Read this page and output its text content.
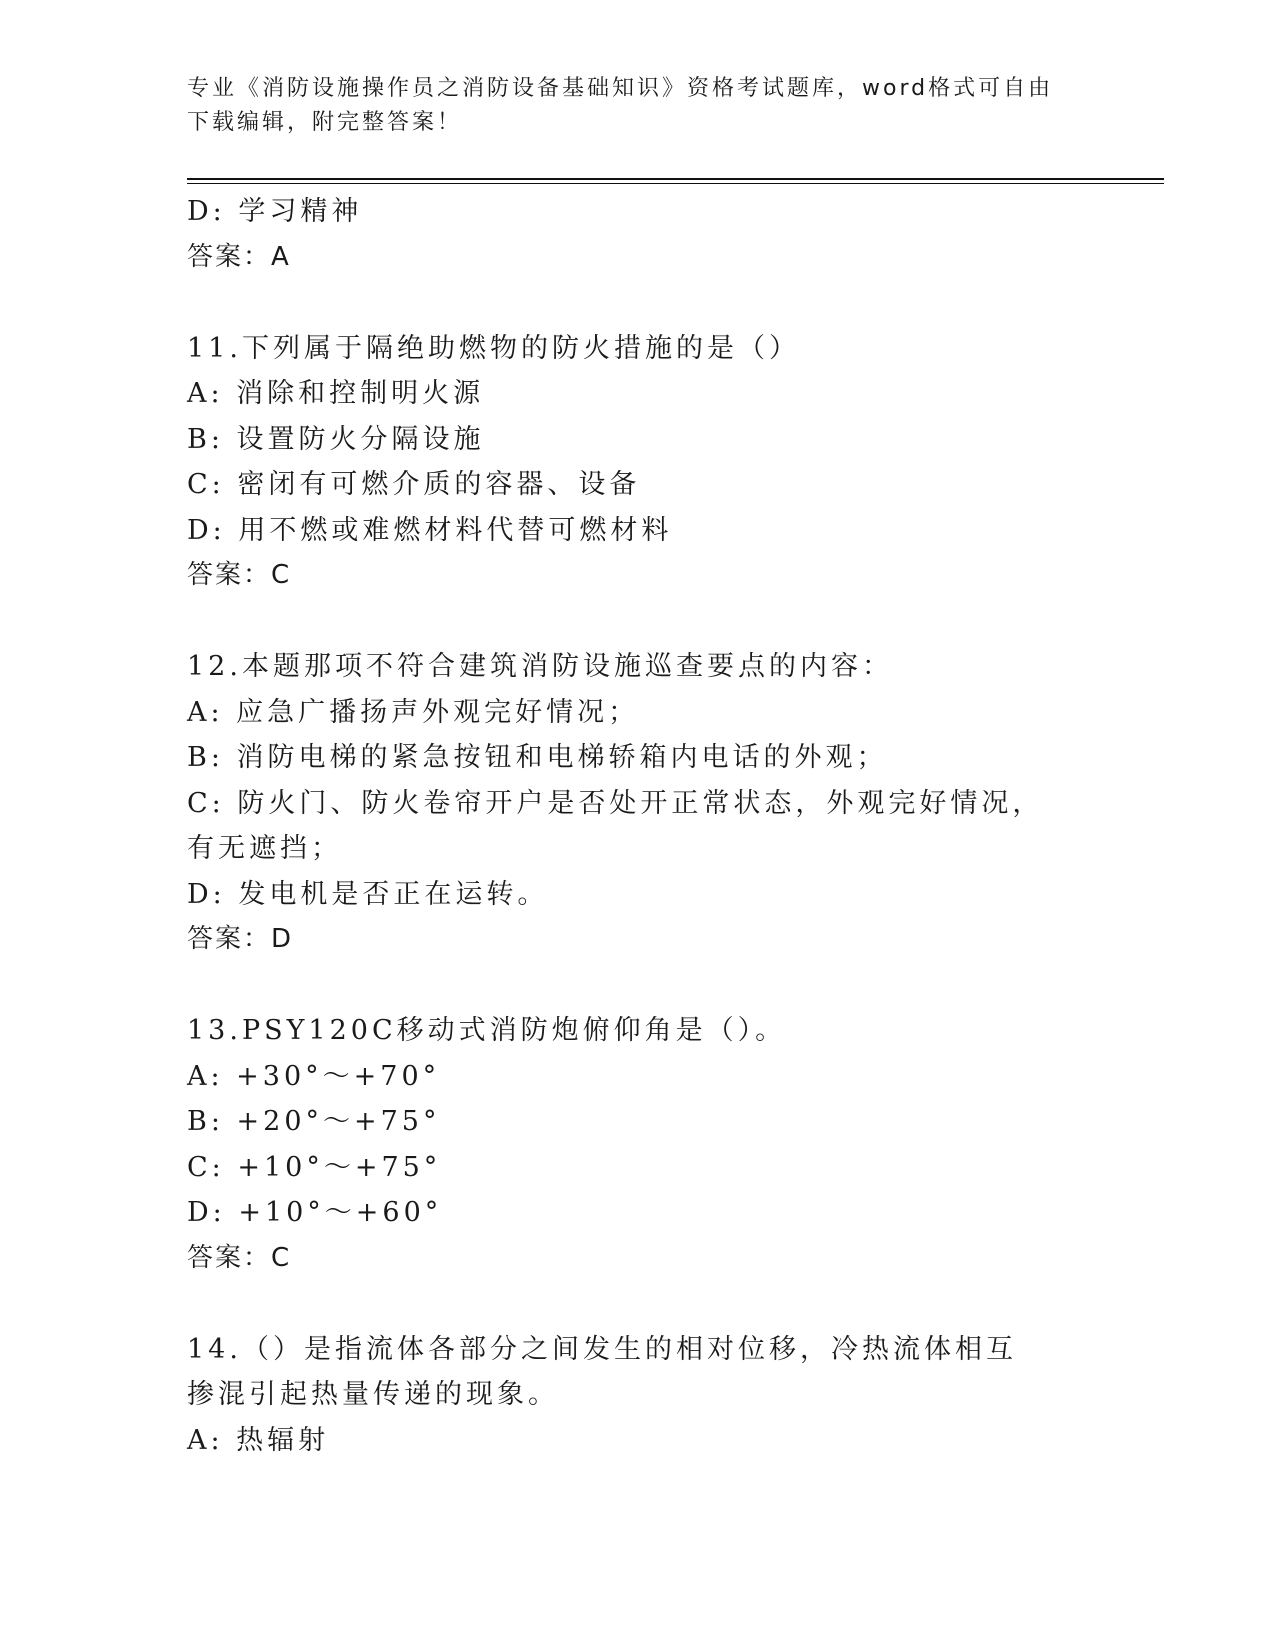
专业《消防设施操作员之消防设备基础知识》资格考试题库，word格式可自由下载编辑，附完整答案！
D: 学习精神
答案：A
11.下列属于隔绝助燃物的防火措施的是（）
A: 消除和控制明火源
B: 设置防火分隔设施
C: 密闭有可燃介质的容器、设备
D: 用不燃或难燃材料代替可燃材料
答案：C
12.本题那项不符合建筑消防设施巡查要点的内容：
A: 应急广播扬声外观完好情况；
B: 消防电梯的紧急按钮和电梯轿箱内电话的外观；
C: 防火门、防火卷帘开户是否处开正常状态，外观完好情况，有无遮挡；
D: 发电机是否正在运转。
答案：D
13.PSY120C移动式消防炮俯仰角是（）。
A: +30°～+70°
B: +20°～+75°
C: +10°～+75°
D: +10°～+60°
答案：C
14.（）是指流体各部分之间发生的相对位移，冷热流体相互掺混引起热量传递的现象。
A: 热辐射
